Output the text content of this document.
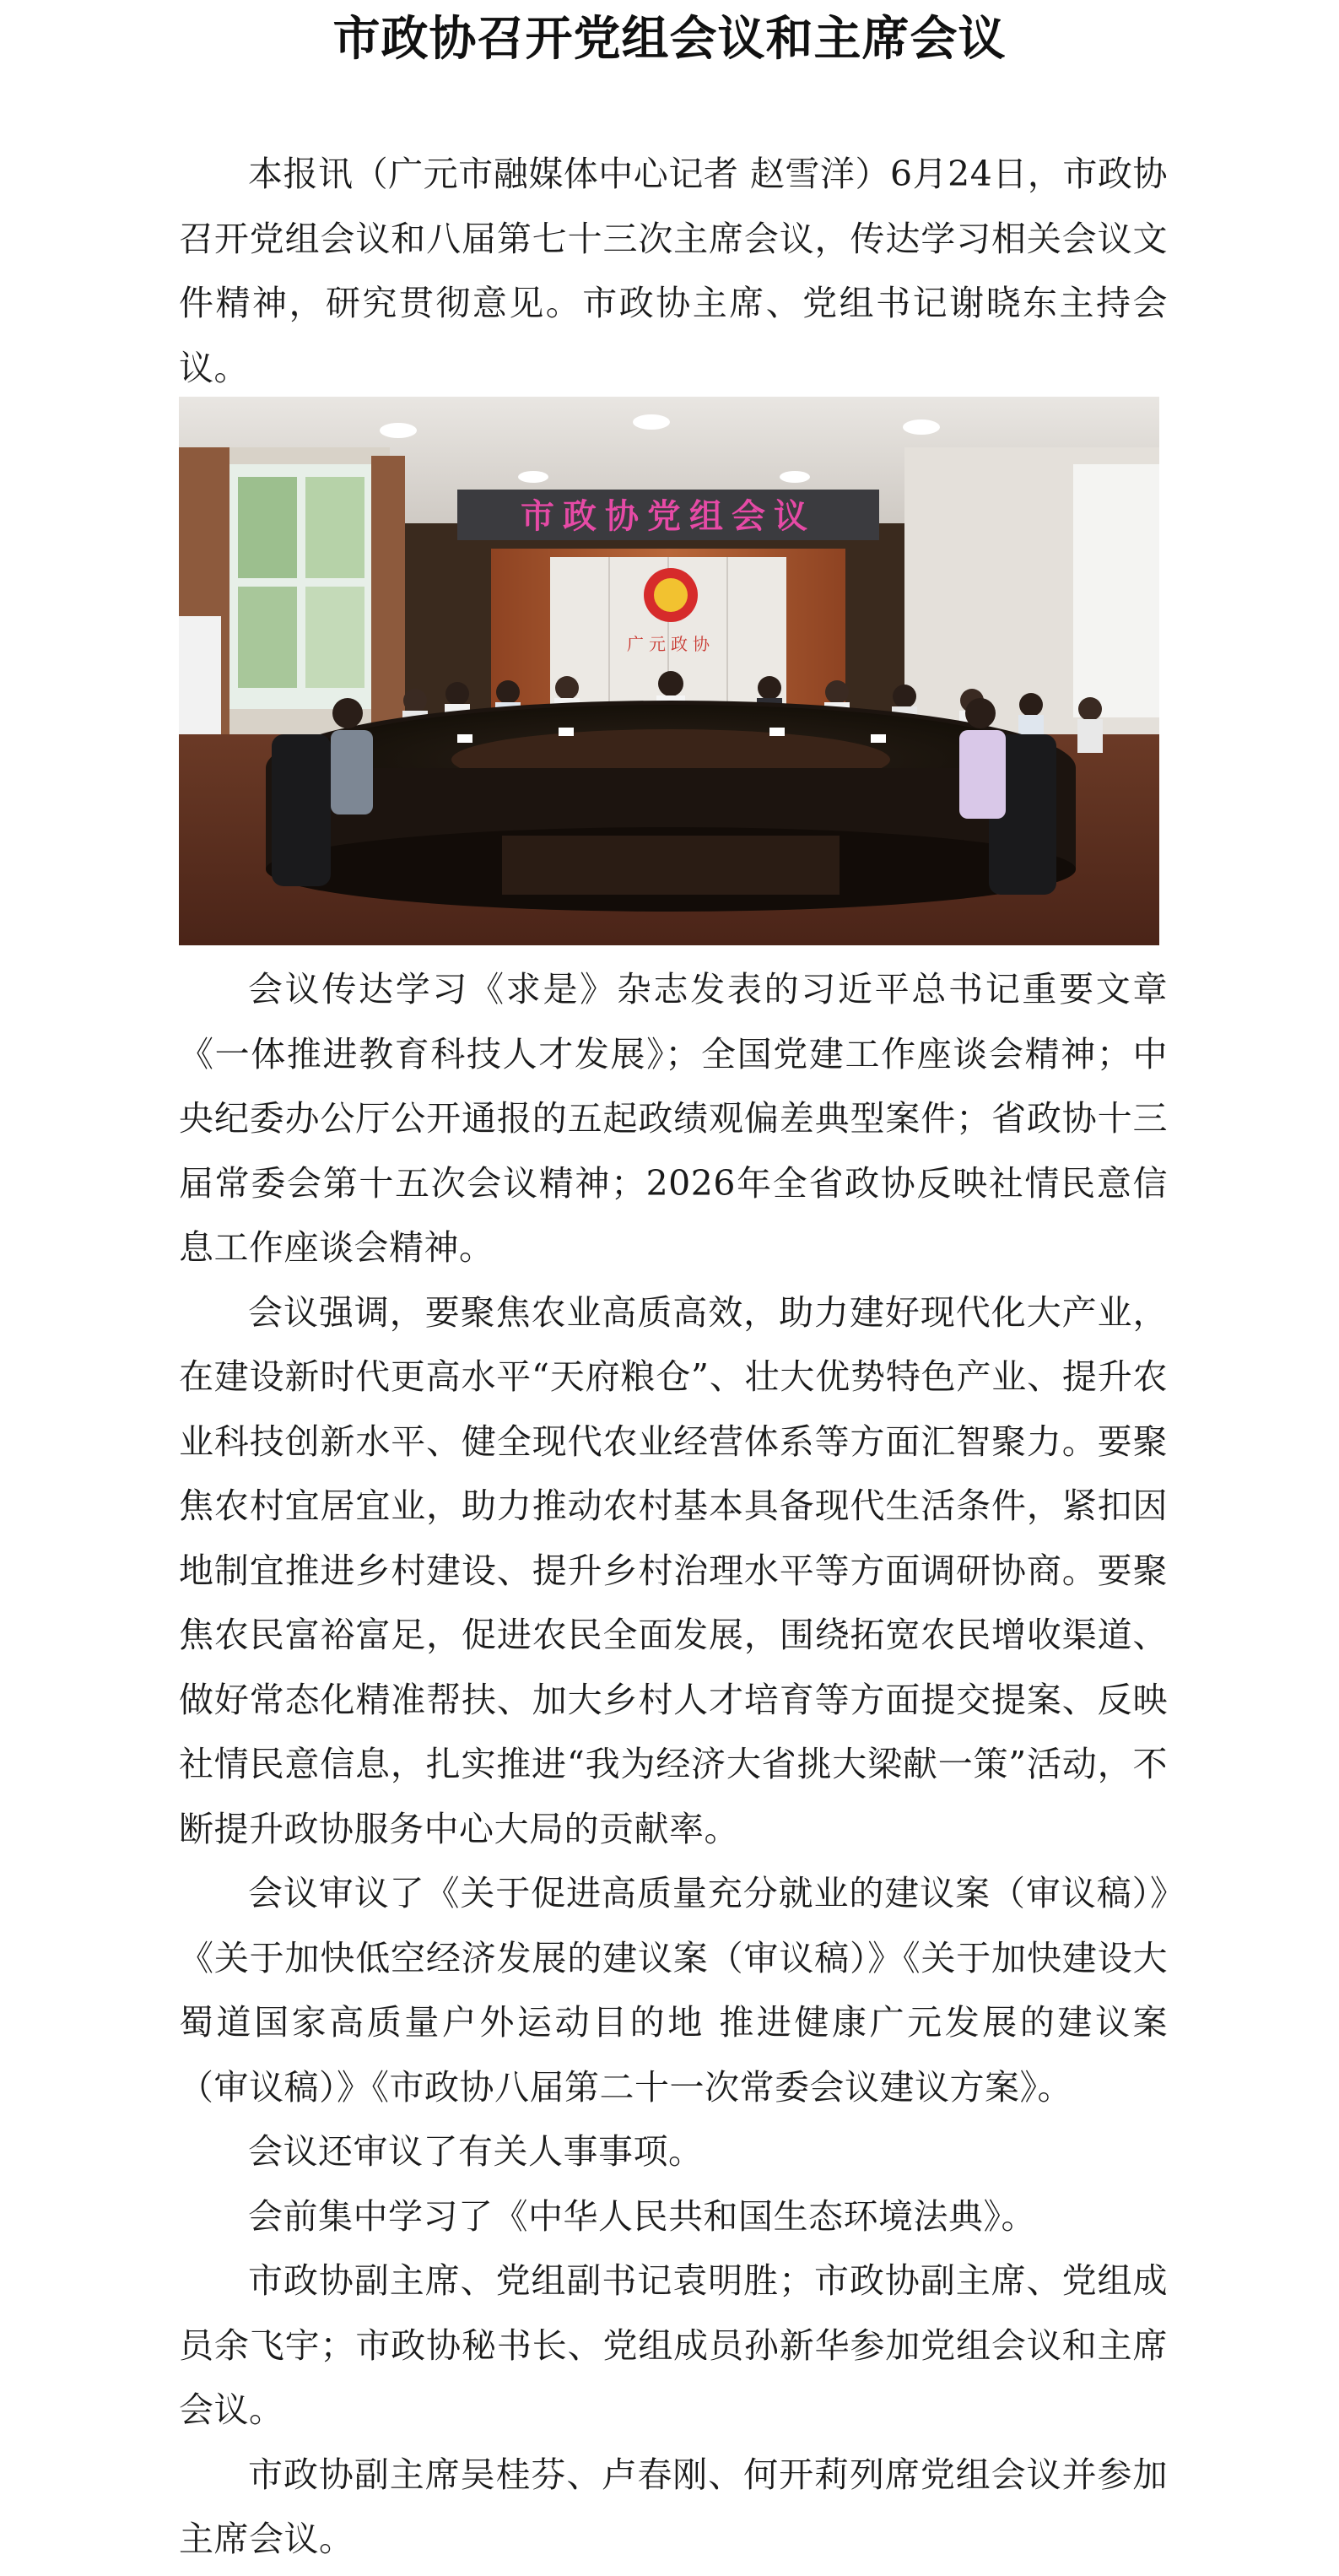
市政协召开党组会议和主席会议

本报讯（广元市融媒体中心记者 赵雪洋）6月24日，市政协召开党组会议和八届第七十三次主席会议，传达学习相关会议文件精神，研究贯彻意见。市政协主席、党组书记谢晓东主持会议。

市政协党组会议
广元政协

会议传达学习《求是》杂志发表的习近平总书记重要文章《一体推进教育科技人才发展》；全国党建工作座谈会精神；中央纪委办公厅公开通报的五起政绩观偏差典型案件；省政协十三届常委会第十五次会议精神；2026年全省政协反映社情民意信息工作座谈会精神。

会议强调，要聚焦农业高质高效，助力建好现代化大产业，在建设新时代更高水平“天府粮仓”、壮大优势特色产业、提升农业科技创新水平、健全现代农业经营体系等方面汇智聚力。要聚焦农村宜居宜业，助力推动农村基本具备现代生活条件，紧扣因地制宜推进乡村建设、提升乡村治理水平等方面调研协商。要聚焦农民富裕富足，促进农民全面发展，围绕拓宽农民增收渠道、做好常态化精准帮扶、加大乡村人才培育等方面提交提案、反映社情民意信息，扎实推进“我为经济大省挑大梁献一策”活动，不断提升政协服务中心大局的贡献率。

会议审议了《关于促进高质量充分就业的建议案（审议稿）》《关于加快低空经济发展的建议案（审议稿）》《关于加快建设大蜀道国家高质量户外运动目的地 推进健康广元发展的建议案（审议稿）》《市政协八届第二十一次常委会议建议方案》。

会议还审议了有关人事事项。

会前集中学习了《中华人民共和国生态环境法典》。

市政协副主席、党组副书记袁明胜；市政协副主席、党组成员余飞宇；市政协秘书长、党组成员孙新华参加党组会议和主席会议。

市政协副主席吴桂芬、卢春刚、何开莉列席党组会议并参加主席会议。
